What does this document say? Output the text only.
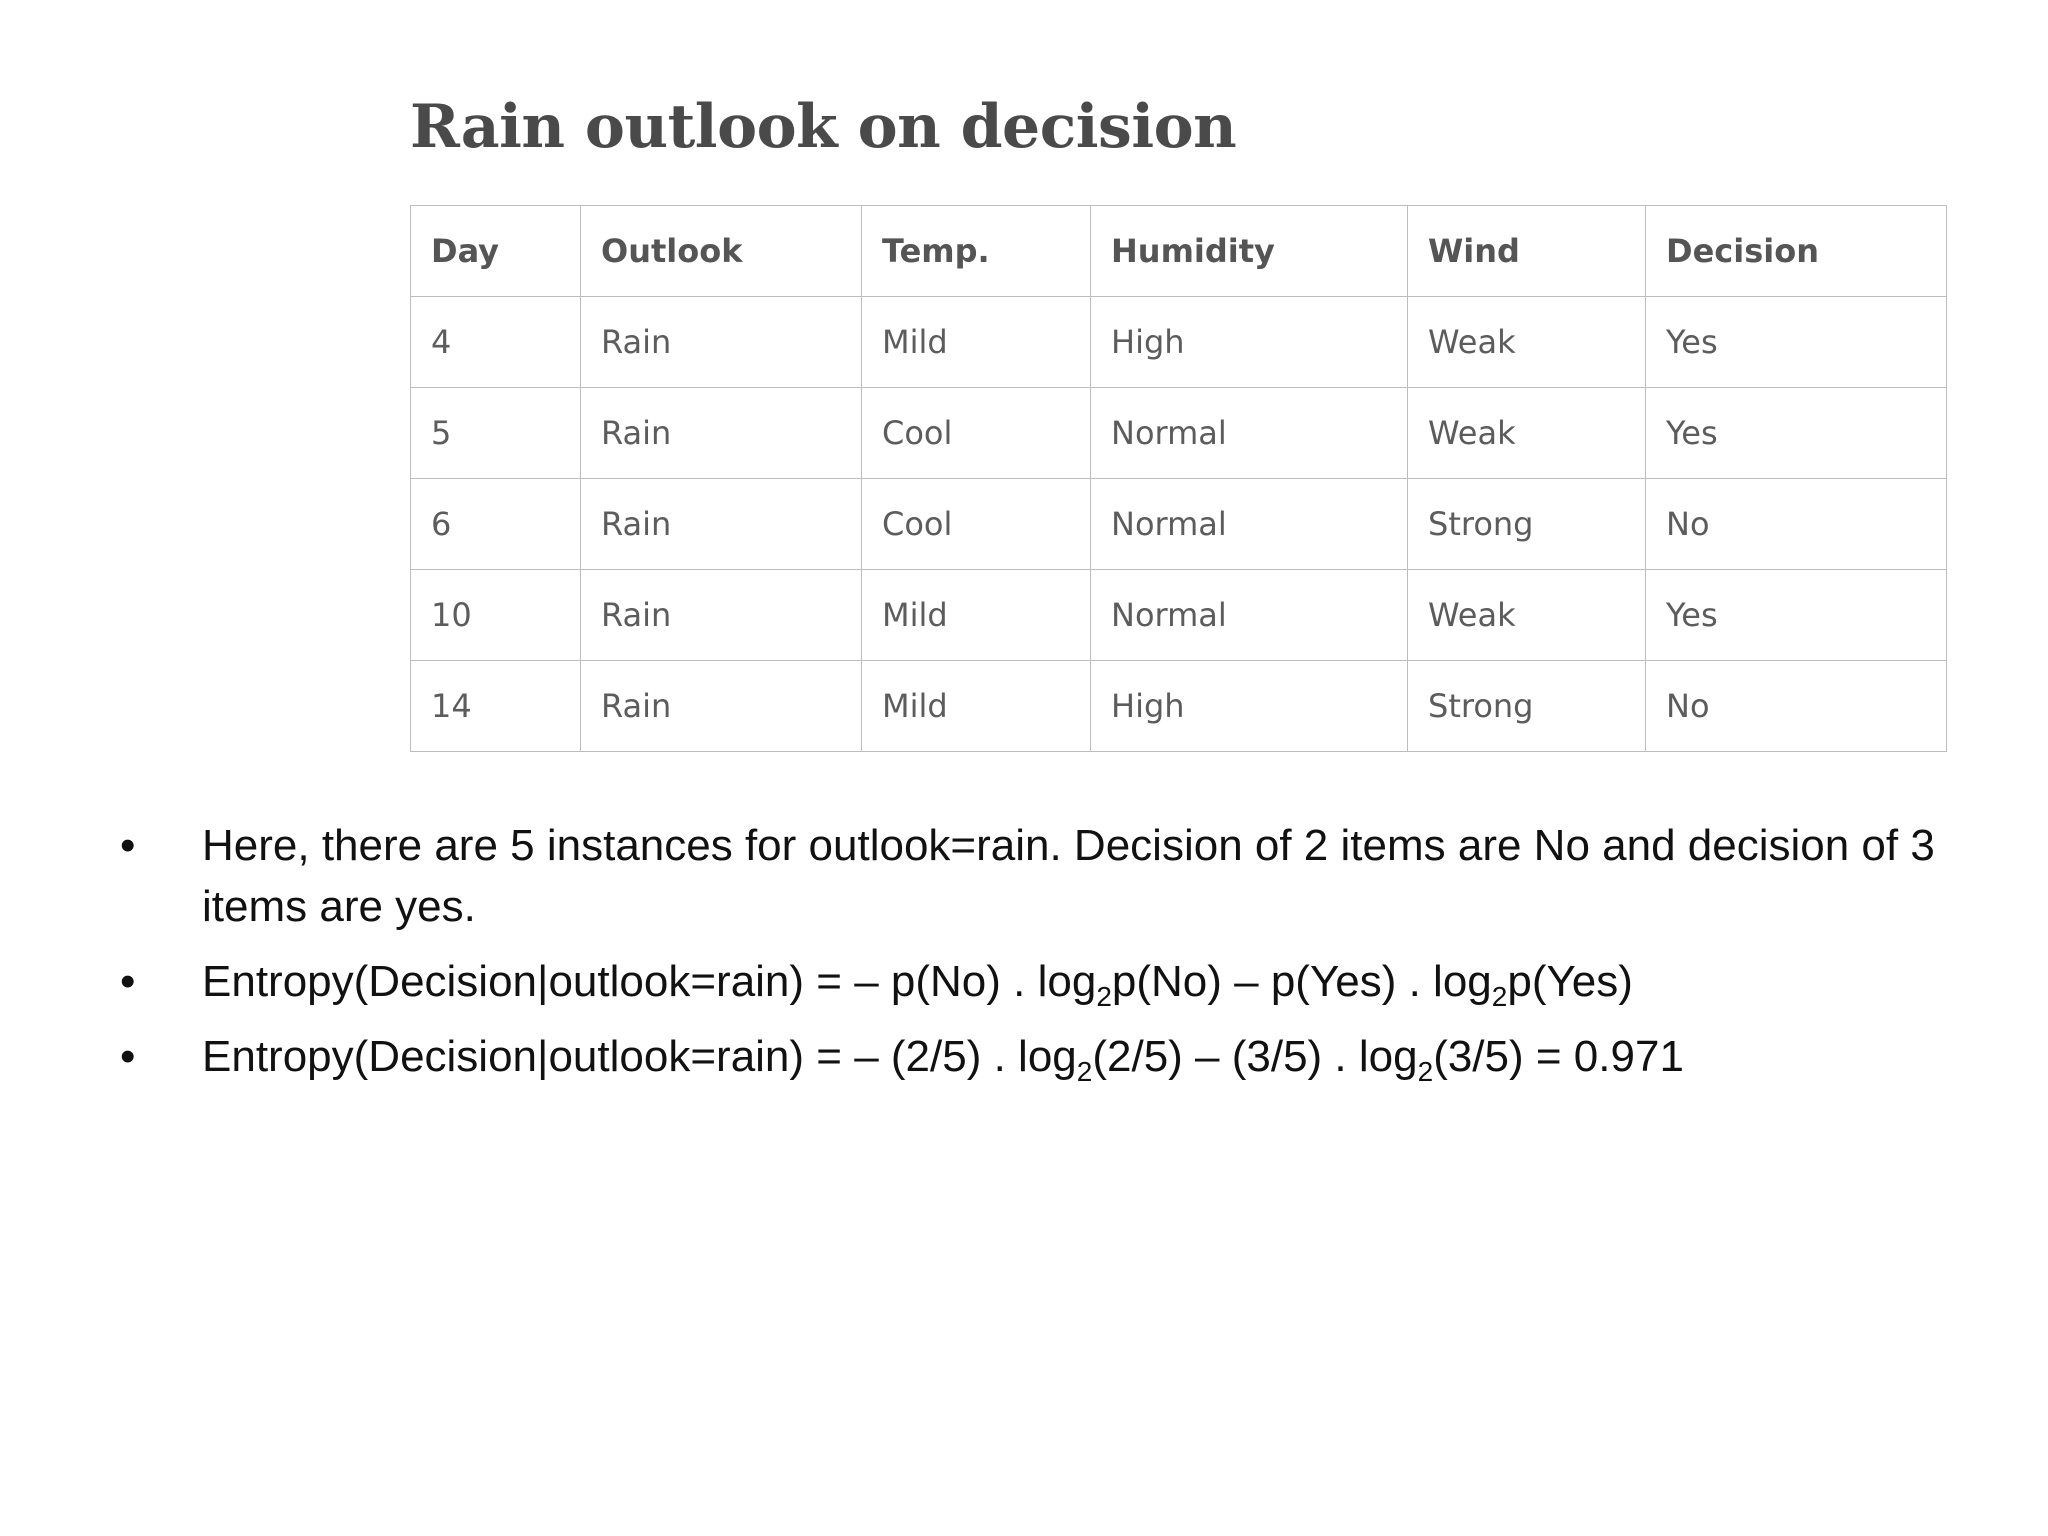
Rain outlook on decision
Day	Outlook	Temp.	Humidity	Wind	Decision
4	Rain	Mild	High	Weak	Yes
5	Rain	Cool	Normal	Weak	Yes
6	Rain	Cool	Normal	Strong	No
10	Rain	Mild	Normal	Weak	Yes
14	Rain	Mild	High	Strong	No
• Here, there are 5 instances for outlook=rain. Decision of 2 items are No and decision of 3 items are yes.
• Entropy(Decision|outlook=rain) = – p(No) . $\log_2p(No) - p(Yes)$ . $\log_2p(Yes)$
• Entropy(Decision|outlook=rain) = – (2/5) . $\log_2(2/5) - (3/5)$ . $\log_2(3/5) = 0.971$
